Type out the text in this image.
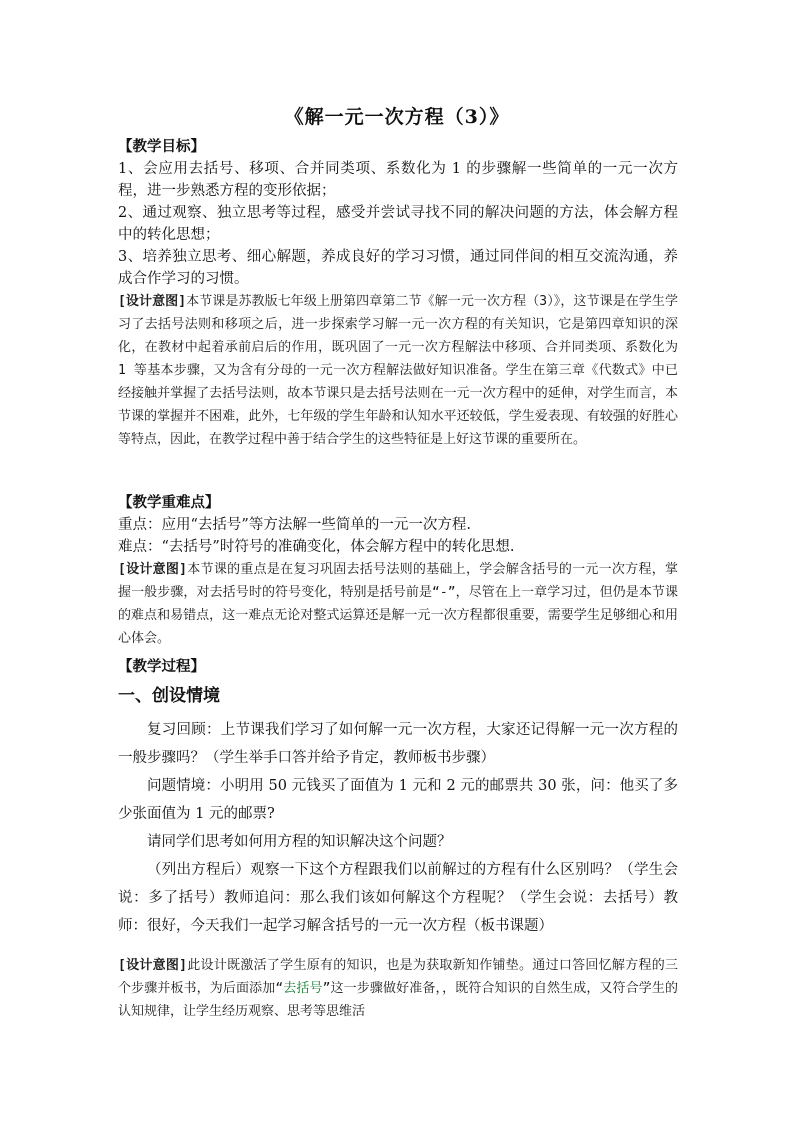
《解一元一次方程（3）》

【教学目标】

1、会应用去括号、移项、合并同类项、系数化为 1 的步骤解一些简单的一元一次方程，进一步熟悉方程的变形依据；

2、通过观察、独立思考等过程，感受并尝试寻找不同的解决问题的方法，体会解方程中的转化思想；

3、培养独立思考、细心解题，养成良好的学习习惯，通过同伴间的相互交流沟通，养成合作学习的习惯。

[设计意图]本节课是苏教版七年级上册第四章第二节《解一元一次方程（3）》，这节课是在学生学习了去括号法则和移项之后，进一步探索学习解一元一次方程的有关知识，它是第四章知识的深化，在教材中起着承前启后的作用，既巩固了一元一次方程解法中移项、合并同类项、系数化为 1 等基本步骤，又为含有分母的一元一次方程解法做好知识准备。学生在第三章《代数式》中已经接触并掌握了去括号法则，故本节课只是去括号法则在一元一次方程中的延伸，对学生而言，本节课的掌握并不困难，此外，七年级的学生年龄和认知水平还较低，学生爱表现、有较强的好胜心等特点，因此，在教学过程中善于结合学生的这些特征是上好这节课的重要所在。

【教学重难点】

重点：应用“去括号”等方法解一些简单的一元一次方程.

难点：“去括号”时符号的准确变化，体会解方程中的转化思想.

[设计意图]本节课的重点是在复习巩固去括号法则的基础上，学会解含括号的一元一次方程，掌握一般步骤，对去括号时的符号变化，特别是括号前是“-”，尽管在上一章学习过，但仍是本节课的难点和易错点，这一难点无论对整式运算还是解一元一次方程都很重要，需要学生足够细心和用心体会。

【教学过程】

一、创设情境

复习回顾：上节课我们学习了如何解一元一次方程，大家还记得解一元一次方程的一般步骤吗？（学生举手口答并给予肯定，教师板书步骤）

问题情境：小明用 50 元钱买了面值为 1 元和 2 元的邮票共 30 张，问：他买了多少张面值为 1 元的邮票?

请同学们思考如何用方程的知识解决这个问题？

（列出方程后）观察一下这个方程跟我们以前解过的方程有什么区别吗？（学生会说：多了括号）教师追问：那么我们该如何解这个方程呢？（学生会说：去括号）教师：很好，今天我们一起学习解含括号的一元一次方程（板书课题）

[设计意图]此设计既激活了学生原有的知识，也是为获取新知作铺垫。通过口答回忆解方程的三个步骤并板书，为后面添加“去括号”这一步骤做好准备，，既符合知识的自然生成，又符合学生的认知规律，让学生经历观察、思考等思维活
